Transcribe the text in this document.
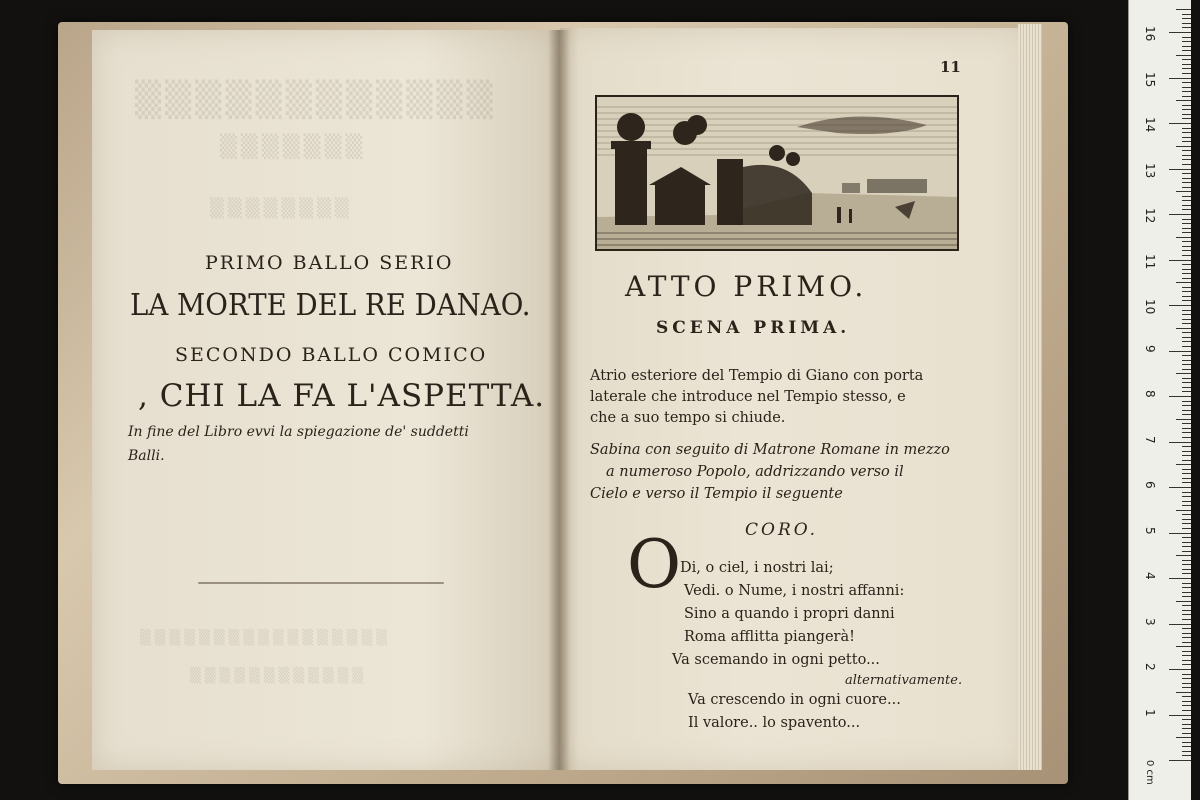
▒▒▒▒▒▒▒▒▒▒▒▒
▒▒▒▒▒▒▒
▒▒▒▒▒▒▒▒
▒▒▒▒▒▒▒▒▒▒▒▒▒▒▒▒▒
▒▒▒▒▒▒▒▒▒▒▒▒
PRIMO BALLO SERIO
LA MORTE DEL RE DANAO.
SECONDO BALLO COMICO
, CHI LA FA L'ASPETTA.
In fine del Libro evvi la spiegazione de' suddetti
Balli.
11
ATTO PRIMO.
SCENA PRIMA.
Atrio esteriore del Tempio di Giano con porta
laterale che introduce nel Tempio stesso, e
che a suo tempo si chiude.
Sabina con seguito di Matrone Romane in mezzo
a numeroso Popolo, addrizzando verso il
Cielo e verso il Tempio il seguente
CORO.
O
Di, o ciel, i nostri lai;
Vedi. o Nume, i nostri affanni:
Sino a quando i propri danni
Roma afflitta piangerà!
Va scemando in ogni petto...
alternativamente.
Va crescendo in ogni cuore...
Il valore.. lo spavento...
1
2
3
4
5
6
7
8
9
10
11
12
13
14
15
16
0 cm
